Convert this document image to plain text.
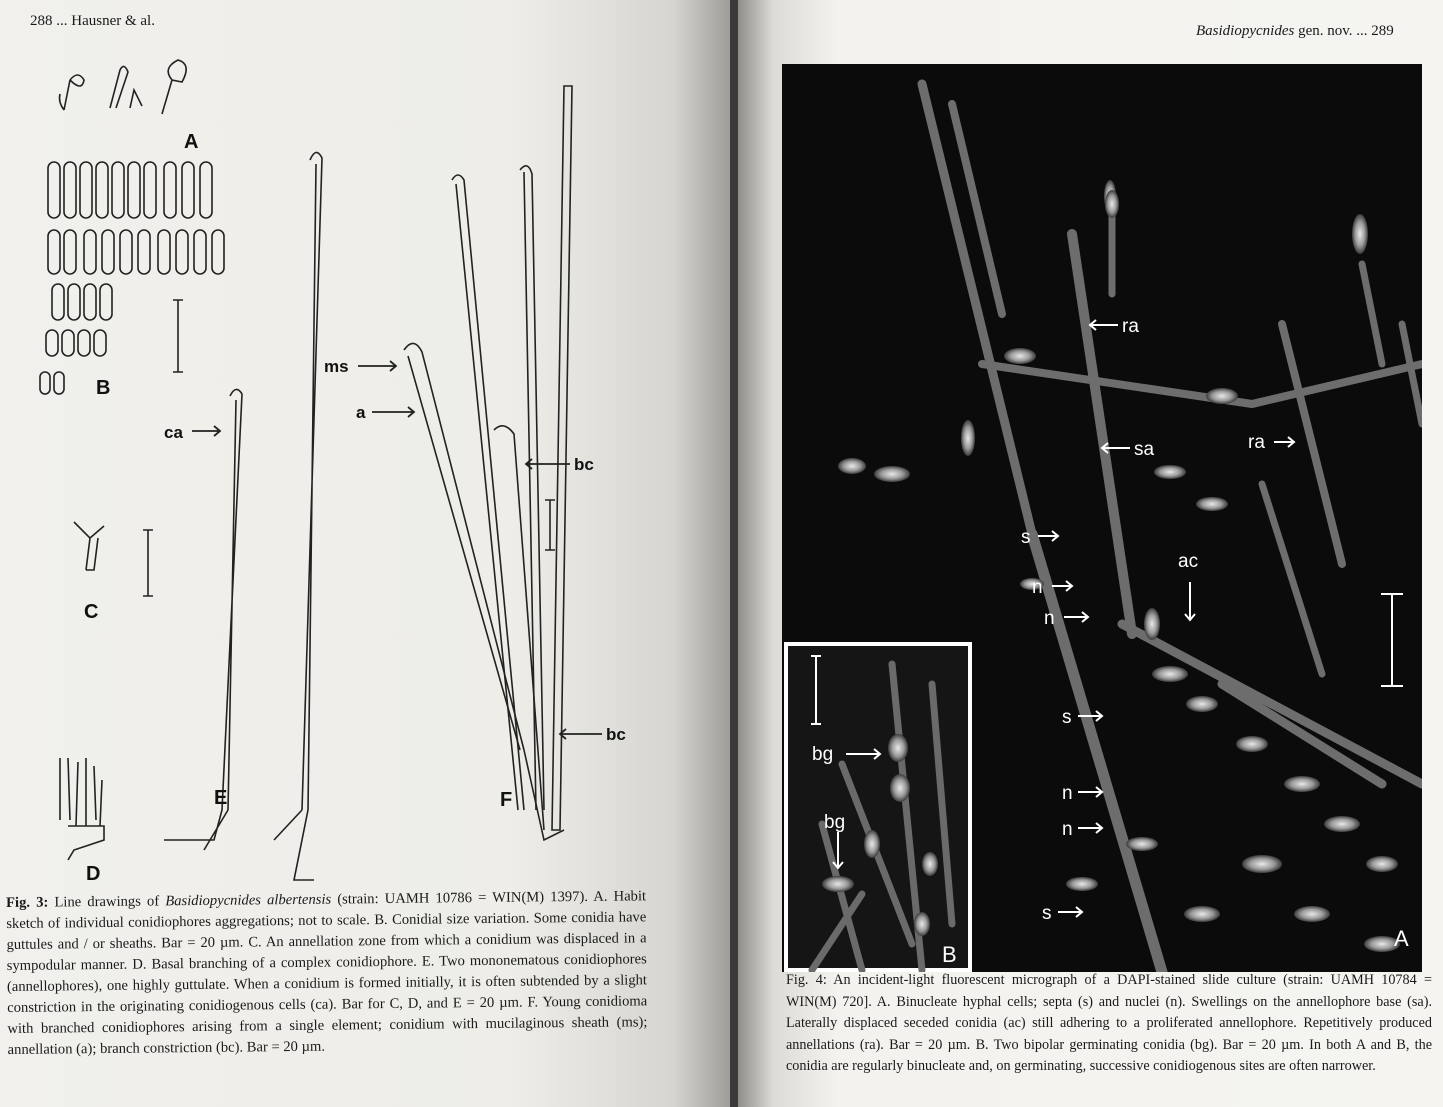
288 ... Hausner & al.
A
B
C
D
E	F
ca
ms
a
bc
bc
Fig. 3: Line drawings of Basidiopycnides albertensis (strain: UAMH 10786 = WIN(M) 1397). A. Habit sketch of individual conidiophores aggregations; not to scale. B. Conidial size variation. Some conidia have guttules and / or sheaths. Bar = 20 µm. C. An annellation zone from which a conidium was displaced in a sympodular manner. D. Basal branching of a complex conidiophore. E. Two mononematous conidiophores (annellophores), one highly guttulate. When a conidium is formed initially, it is often subtended by a slight constriction in the originating conidiogenous cells (ca). Bar for C, D, and E = 20 µm. F. Young conidioma with branched conidiophores arising from a single element; conidium with mucilaginous sheath (ms); annellation (a); branch constriction (bc). Bar = 20 µm.
Basidiopycnides gen. nov. ... 289
ra
sa	ra
s
n
n
ac
s
n
n
s
A
B
bg
bg
Fig. 4: An incident-light fluorescent micrograph of a DAPI-stained slide culture (strain: UAMH 10784 = WIN(M) 720]. A. Binucleate hyphal cells; septa (s) and nuclei (n). Swellings on the annellophore base (sa). Laterally displaced seceded conidia (ac) still adhering to a proliferated annellophore. Repetitively produced annellations (ra). Bar = 20 µm. B. Two bipolar germinating conidia (bg). Bar = 20 µm. In both A and B, the conidia are regularly binucleate and, on germinating, successive conidiogenous sites are often narrower.
